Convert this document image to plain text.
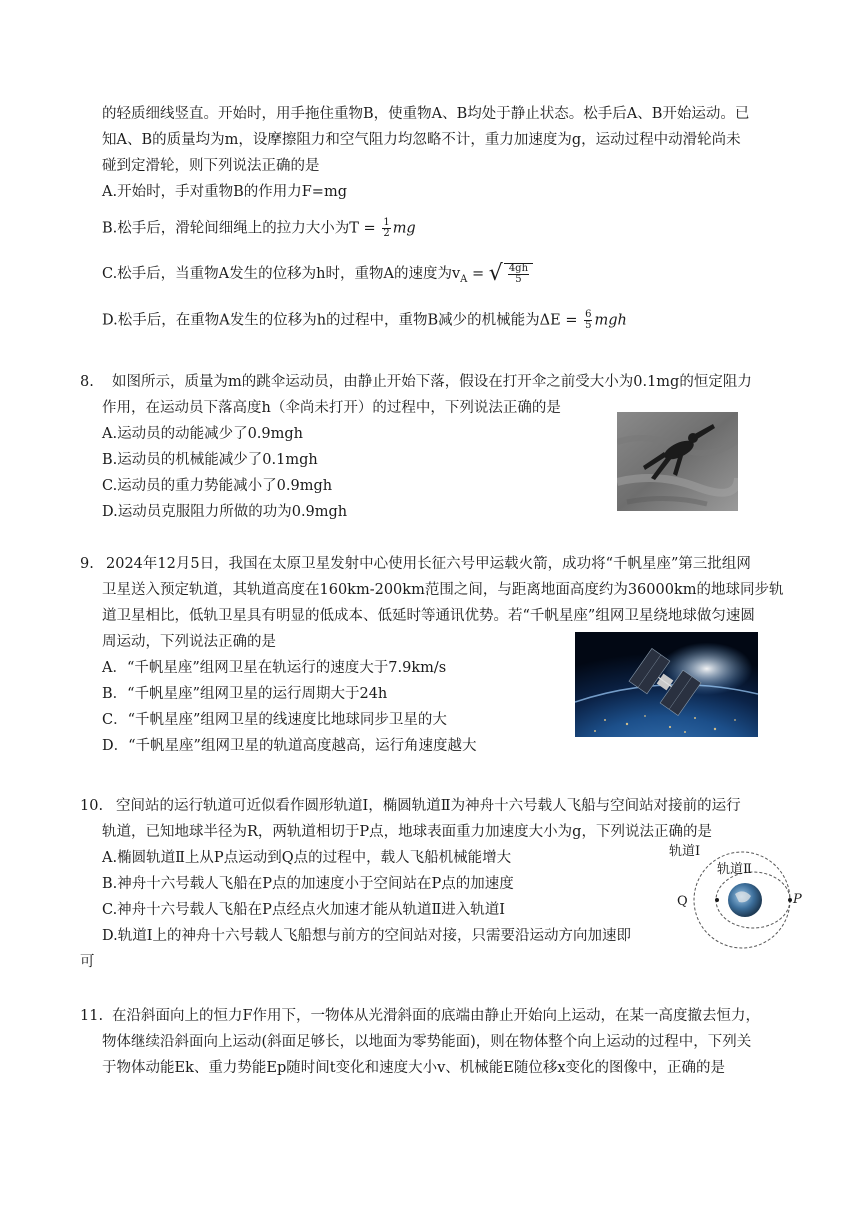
的轻质细线竖直。开始时，用手拖住重物B，使重物A、B均处于静止状态。松手后A、B开始运动。已
知A、B的质量均为m，设摩擦阻力和空气阻力均忽略不计，重力加速度为g，运动过程中动滑轮尚未
碰到定滑轮，则下列说法正确的是
A.开始时，手对重物B的作用力F=mg
B.松手后，滑轮间细绳上的拉力大小为$T = \frac{1}{2}$ mg
C.松手后，当重物A发生的位移为h时，重物A的速度为$v_A$ = √ $\frac{4gh}{5}$
D.松手后，在重物A发生的位移为h的过程中，重物B减少的机械能为$\Delta E = \frac{6}{5}$ mgh
8. 如图所示，质量为m的跳伞运动员，由静止开始下落，假设在打开伞之前受大小为0.1mg的恒定阻力
作用，在运动员下落高度h（伞尚未打开）的过程中，下列说法正确的是
A.运动员的动能减少了0.9mgh
B.运动员的机械能减少了0.1mgh
C.运动员的重力势能减小了0.9mgh
D.运动员克服阻力所做的功为0.9mgh
9. 2024年12月5日，我国在太原卫星发射中心使用长征六号甲运载火箭，成功将“千帆星座”第三批组网
卫星送入预定轨道，其轨道高度在160km-200km范围之间，与距离地面高度约为36000km的地球同步轨
道卫星相比，低轨卫星具有明显的低成本、低延时等通讯优势。若“千帆星座”组网卫星绕地球做匀速圆
周运动，下列说法正确的是
A．“千帆星座”组网卫星在轨运行的速度大于7.9km/s
B．“千帆星座”组网卫星的运行周期大于24h
C．“千帆星座”组网卫星的线速度比地球同步卫星的大
D．“千帆星座”组网卫星的轨道高度越高，运行角速度越大
10. 空间站的运行轨道可近似看作圆形轨道Ⅰ，椭圆轨道Ⅱ为神舟十六号载人飞船与空间站对接前的运行
轨道，已知地球半径为R，两轨道相切于P点，地球表面重力加速度大小为g，下列说法正确的是
A.椭圆轨道Ⅱ上从P点运动到Q点的过程中，载人飞船机械能增大
B.神舟十六号载人飞船在P点的加速度小于空间站在P点的加速度
C.神舟十六号载人飞船在P点经点火加速才能从轨道Ⅱ进入轨道Ⅰ
D.轨道Ⅰ上的神舟十六号载人飞船想与前方的空间站对接，只需要沿运动方向加速即
可
轨道Ⅰ
轨道Ⅱ
Q	P
11. 在沿斜面向上的恒力F作用下，一物体从光滑斜面的底端由静止开始向上运动，在某一高度撤去恒力，
物体继续沿斜面向上运动(斜面足够长，以地面为零势能面)，则在物体整个向上运动的过程中，下列关
于物体动能Ek、重力势能Ep随时间t变化和速度大小v、机械能E随位移x变化的图像中，正确的是
